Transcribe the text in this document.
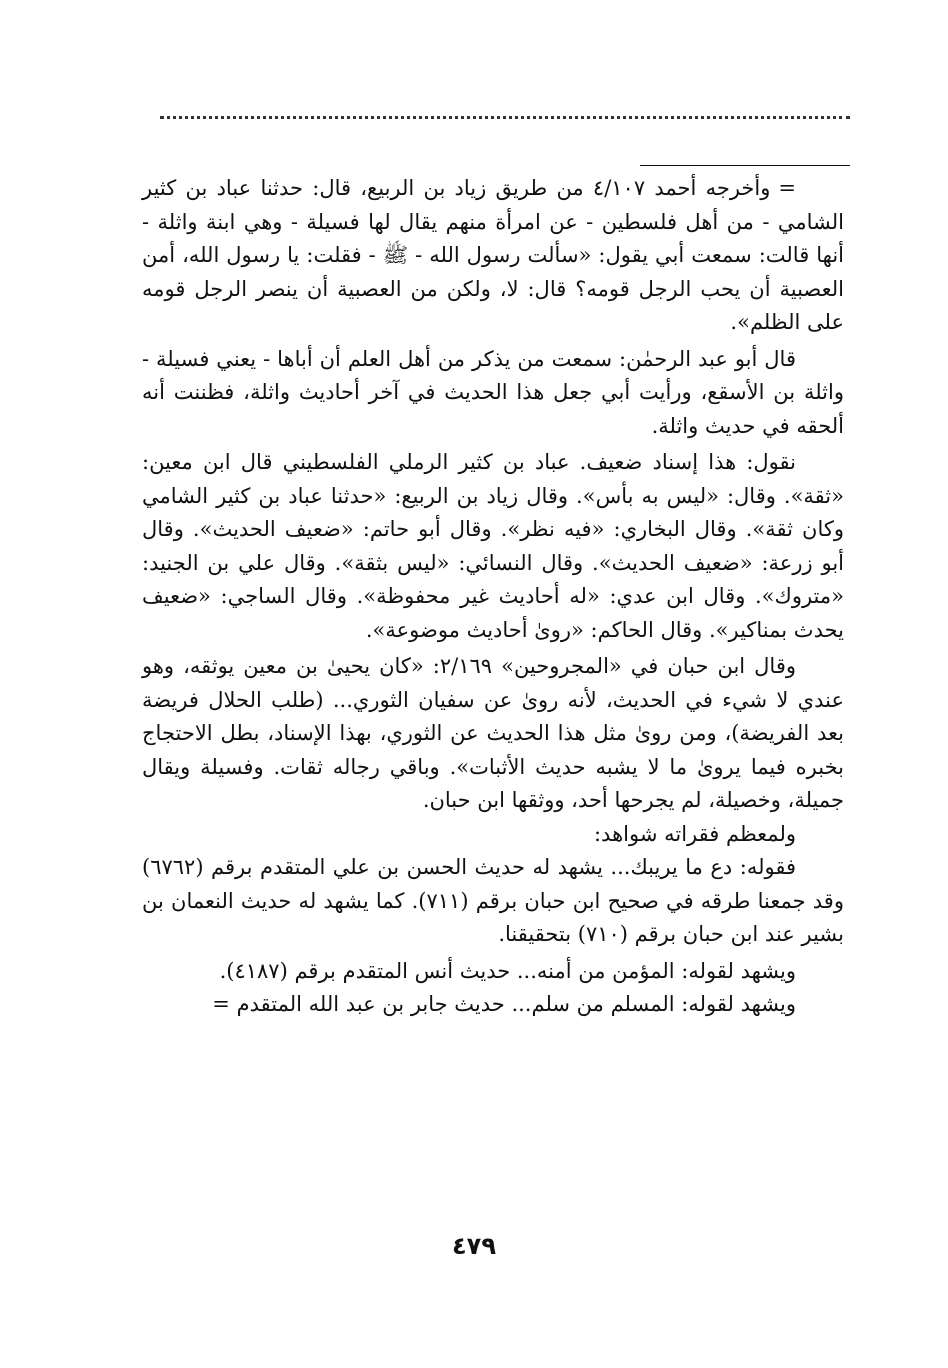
=وأخرجه أحمد ٤/١٠٧ من طريق زياد بن الربيع، قال: حدثنا عباد بن كثير الشامي - من أهل فلسطين - عن امرأة منهم يقال لها فسيلة - وهي ابنة واثلة - أنها قالت: سمعت أبي يقول: «سألت رسول الله - ﷺ - فقلت: يا رسول الله، أمن العصبية أن يحب الرجل قومه؟ قال: لا، ولكن من العصبية أن ينصر الرجل قومه على الظلم».

قال أبو عبد الرحمٰن: سمعت من يذكر من أهل العلم أن أباها - يعني فسيلة - واثلة بن الأسقع، ورأيت أبي جعل هذا الحديث في آخر أحاديث واثلة، فظننت أنه ألحقه في حديث واثلة.

نقول: هذا إسناد ضعيف. عباد بن كثير الرملي الفلسطيني قال ابن معين: «ثقة». وقال: «ليس به بأس». وقال زياد بن الربيع: «حدثنا عباد بن كثير الشامي وكان ثقة». وقال البخاري: «فيه نظر». وقال أبو حاتم: «ضعيف الحديث». وقال أبو زرعة: «ضعيف الحديث». وقال النسائي: «ليس بثقة». وقال علي بن الجنيد: «متروك». وقال ابن عدي: «له أحاديث غير محفوظة». وقال الساجي: «ضعيف يحدث بمناكير». وقال الحاكم: «روىٰ أحاديث موضوعة».

وقال ابن حبان في «المجروحين» ٢/١٦٩: «كان يحيىٰ بن معين يوثقه، وهو عندي لا شيء في الحديث، لأنه روىٰ عن سفيان الثوري... (طلب الحلال فريضة بعد الفريضة)، ومن روىٰ مثل هذا الحديث عن الثوري، بهذا الإسناد، بطل الاحتجاج بخبره فيما يروىٰ ما لا يشبه حديث الأثبات». وباقي رجاله ثقات. وفسيلة ويقال جميلة، وخصيلة، لم يجرحها أحد، ووثقها ابن حبان.

ولمعظم فقراته شواهد:

فقوله: دع ما يريبك... يشهد له حديث الحسن بن علي المتقدم برقم (٦٧٦٢) وقد جمعنا طرقه في صحيح ابن حبان برقم (٧١١). كما يشهد له حديث النعمان بن بشير عند ابن حبان برقم (٧١٠) بتحقيقنا.

ويشهد لقوله: المؤمن من أمنه... حديث أنس المتقدم برقم (٤١٨٧).

ويشهد لقوله: المسلم من سلم... حديث جابر بن عبد الله المتقدم =

٤٧٩
